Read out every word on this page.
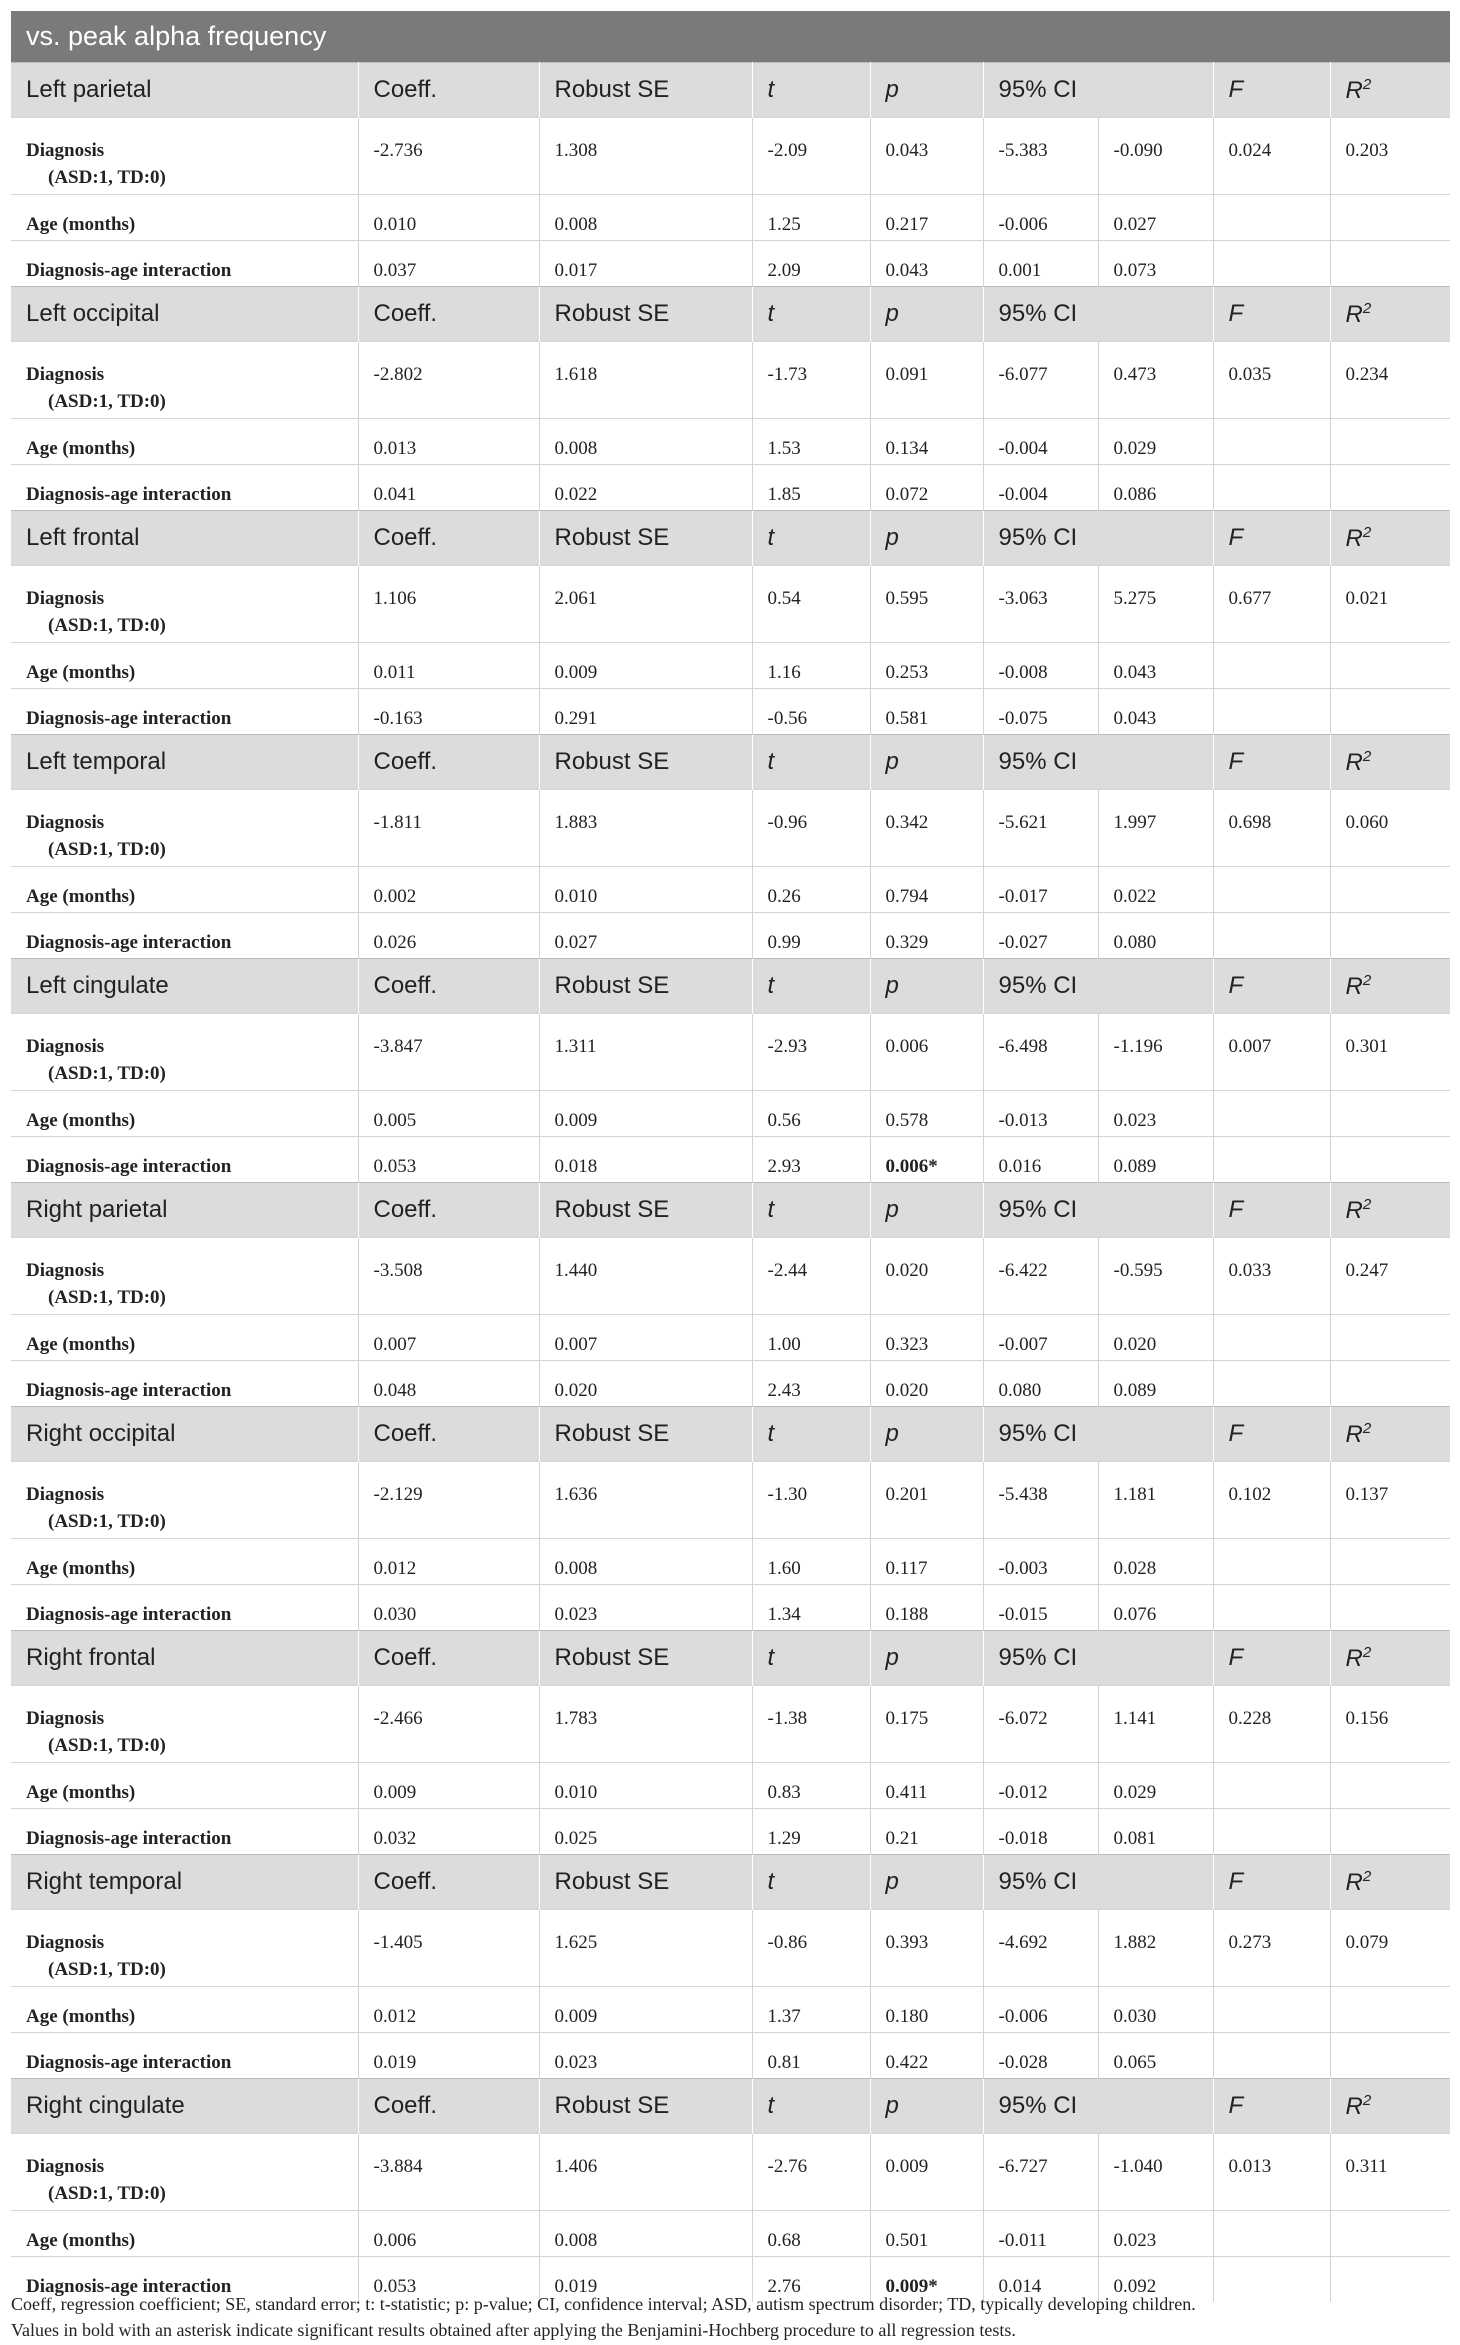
vs. peak alpha frequency								
Left parietal	Coeff.	Robust SE	t	p	95% CI		F	$R^2$
Diagnosis
(ASD:1, TD:0)	-2.736	1.308	-2.09	0.043	-5.383	-0.090	0.024	0.203
Age (months)	0.010	0.008	1.25	0.217	-0.006	0.027		
Diagnosis-age interaction	0.037	0.017	2.09	0.043	0.001	0.073		
Left occipital	Coeff.	Robust SE	t	p	95% CI		F	$R^2$
Diagnosis
(ASD:1, TD:0)	-2.802	1.618	-1.73	0.091	-6.077	0.473	0.035	0.234
Age (months)	0.013	0.008	1.53	0.134	-0.004	0.029		
Diagnosis-age interaction	0.041	0.022	1.85	0.072	-0.004	0.086		
Left frontal	Coeff.	Robust SE	t	p	95% CI		F	$R^2$
Diagnosis
(ASD:1, TD:0)	1.106	2.061	0.54	0.595	-3.063	5.275	0.677	0.021
Age (months)	0.011	0.009	1.16	0.253	-0.008	0.043		
Diagnosis-age interaction	-0.163	0.291	-0.56	0.581	-0.075	0.043		
Left temporal	Coeff.	Robust SE	t	p	95% CI		F	$R^2$
Diagnosis
(ASD:1, TD:0)	-1.811	1.883	-0.96	0.342	-5.621	1.997	0.698	0.060
Age (months)	0.002	0.010	0.26	0.794	-0.017	0.022		
Diagnosis-age interaction	0.026	0.027	0.99	0.329	-0.027	0.080		
Left cingulate	Coeff.	Robust SE	t	p	95% CI		F	$R^2$
Diagnosis
(ASD:1, TD:0)	-3.847	1.311	-2.93	0.006	-6.498	-1.196	0.007	0.301
Age (months)	0.005	0.009	0.56	0.578	-0.013	0.023		
Diagnosis-age interaction	0.053	0.018	2.93	0.006*	0.016	0.089		
Right parietal	Coeff.	Robust SE	t	p	95% CI		F	$R^2$
Diagnosis
(ASD:1, TD:0)	-3.508	1.440	-2.44	0.020	-6.422	-0.595	0.033	0.247
Age (months)	0.007	0.007	1.00	0.323	-0.007	0.020		
Diagnosis-age interaction	0.048	0.020	2.43	0.020	0.080	0.089		
Right occipital	Coeff.	Robust SE	t	p	95% CI		F	$R^2$
Diagnosis
(ASD:1, TD:0)	-2.129	1.636	-1.30	0.201	-5.438	1.181	0.102	0.137
Age (months)	0.012	0.008	1.60	0.117	-0.003	0.028		
Diagnosis-age interaction	0.030	0.023	1.34	0.188	-0.015	0.076		
Right frontal	Coeff.	Robust SE	t	p	95% CI		F	$R^2$
Diagnosis
(ASD:1, TD:0)	-2.466	1.783	-1.38	0.175	-6.072	1.141	0.228	0.156
Age (months)	0.009	0.010	0.83	0.411	-0.012	0.029		
Diagnosis-age interaction	0.032	0.025	1.29	0.21	-0.018	0.081		
Right temporal	Coeff.	Robust SE	t	p	95% CI		F	$R^2$
Diagnosis
(ASD:1, TD:0)	-1.405	1.625	-0.86	0.393	-4.692	1.882	0.273	0.079
Age (months)	0.012	0.009	1.37	0.180	-0.006	0.030		
Diagnosis-age interaction	0.019	0.023	0.81	0.422	-0.028	0.065		
Right cingulate	Coeff.	Robust SE	t	p	95% CI		F	$R^2$
Diagnosis
(ASD:1, TD:0)	-3.884	1.406	-2.76	0.009	-6.727	-1.040	0.013	0.311
Age (months)	0.006	0.008	0.68	0.501	-0.011	0.023		
Diagnosis-age interaction	0.053	0.019	2.76	0.009*	0.014	0.092		

Coeff, regression coefficient; SE, standard error; t: t-statistic; p: p-value; CI, confidence interval; ASD, autism spectrum disorder; TD, typically developing children.

Values in bold with an asterisk indicate significant results obtained after applying the Benjamini-Hochberg procedure to all regression tests.
